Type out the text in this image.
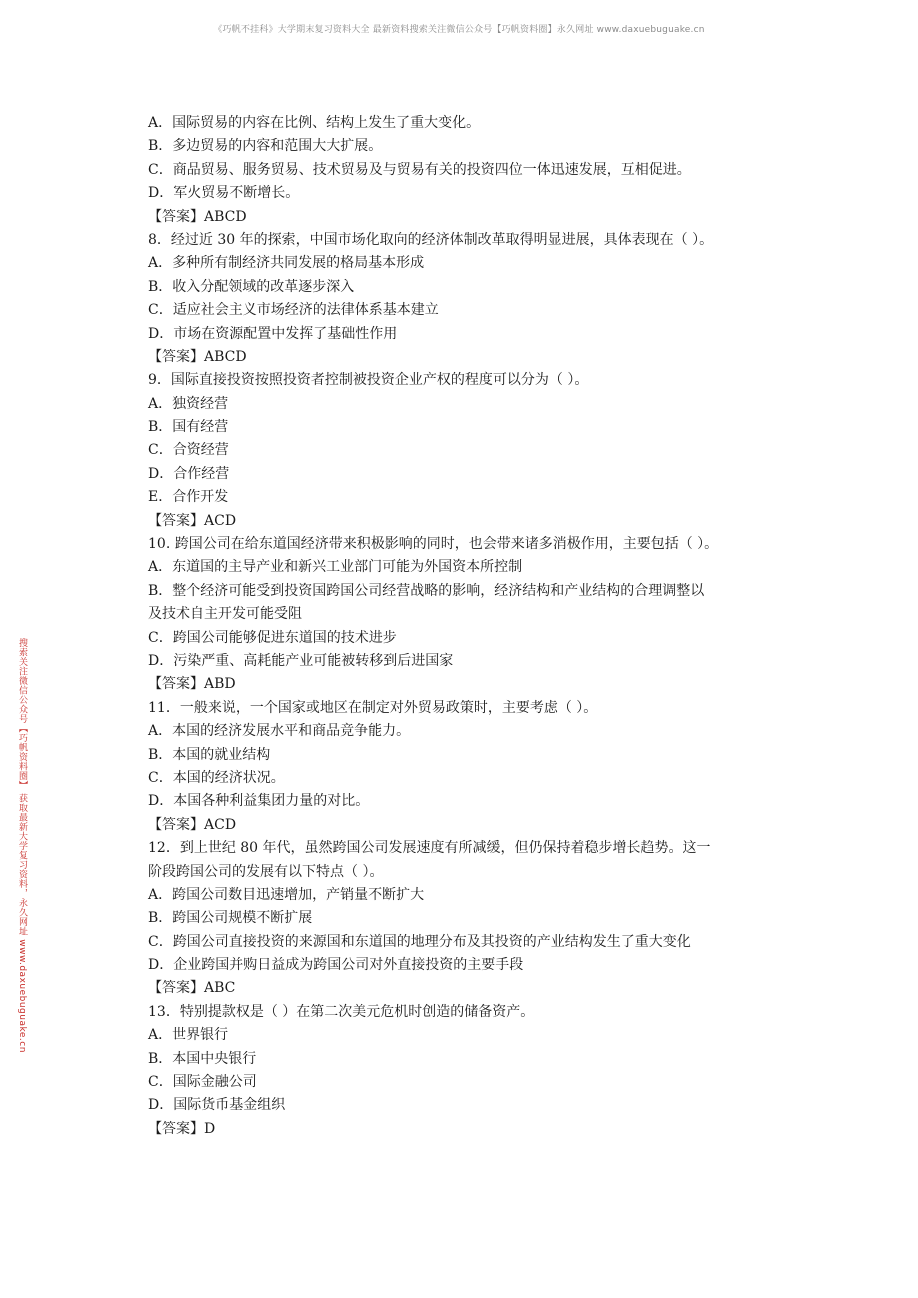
《巧帆不挂科》大学期末复习资料大全 最新资料搜索关注微信公众号【巧帆资料圈】永久网址 www.daxuebuguake.cn
搜索关注微信公众号【巧帆资料圈】 获取最新大学复习资料，永久网址 www.daxuebuguake.cn
A．国际贸易的内容在比例、结构上发生了重大变化。
B．多边贸易的内容和范围大大扩展。
C．商品贸易、服务贸易、技术贸易及与贸易有关的投资四位一体迅速发展，互相促进。
D．军火贸易不断增长。
【答案】ABCD
8．经过近 30 年的探索，中国市场化取向的经济体制改革取得明显进展，具体表现在（ ）。
A．多种所有制经济共同发展的格局基本形成
B．收入分配领域的改革逐步深入
C．适应社会主义市场经济的法律体系基本建立
D．市场在资源配置中发挥了基础性作用
【答案】ABCD
9．国际直接投资按照投资者控制被投资企业产权的程度可以分为（ ）。
A．独资经营
B．国有经营
C．合资经营
D．合作经营
E．合作开发
【答案】ACD
10. 跨国公司在给东道国经济带来积极影响的同时，也会带来诸多消极作用，主要包括（ ）。
A．东道国的主导产业和新兴工业部门可能为外国资本所控制
B．整个经济可能受到投资国跨国公司经营战略的影响，经济结构和产业结构的合理调整以
及技术自主开发可能受阻
C．跨国公司能够促进东道国的技术进步
D．污染严重、高耗能产业可能被转移到后进国家
【答案】ABD
11．一般来说，一个国家或地区在制定对外贸易政策时，主要考虑（ ）。
A．本国的经济发展水平和商品竞争能力。
B．本国的就业结构
C．本国的经济状况。
D．本国各种利益集团力量的对比。
【答案】ACD
12．到上世纪 80 年代，虽然跨国公司发展速度有所减缓，但仍保持着稳步增长趋势。这一
阶段跨国公司的发展有以下特点（ ）。
A．跨国公司数目迅速增加，产销量不断扩大
B．跨国公司规模不断扩展
C．跨国公司直接投资的来源国和东道国的地理分布及其投资的产业结构发生了重大变化
D．企业跨国并购日益成为跨国公司对外直接投资的主要手段
【答案】ABC
13．特别提款权是（ ）在第二次美元危机时创造的储备资产。
A．世界银行
B．本国中央银行
C．国际金融公司
D．国际货币基金组织
【答案】D
